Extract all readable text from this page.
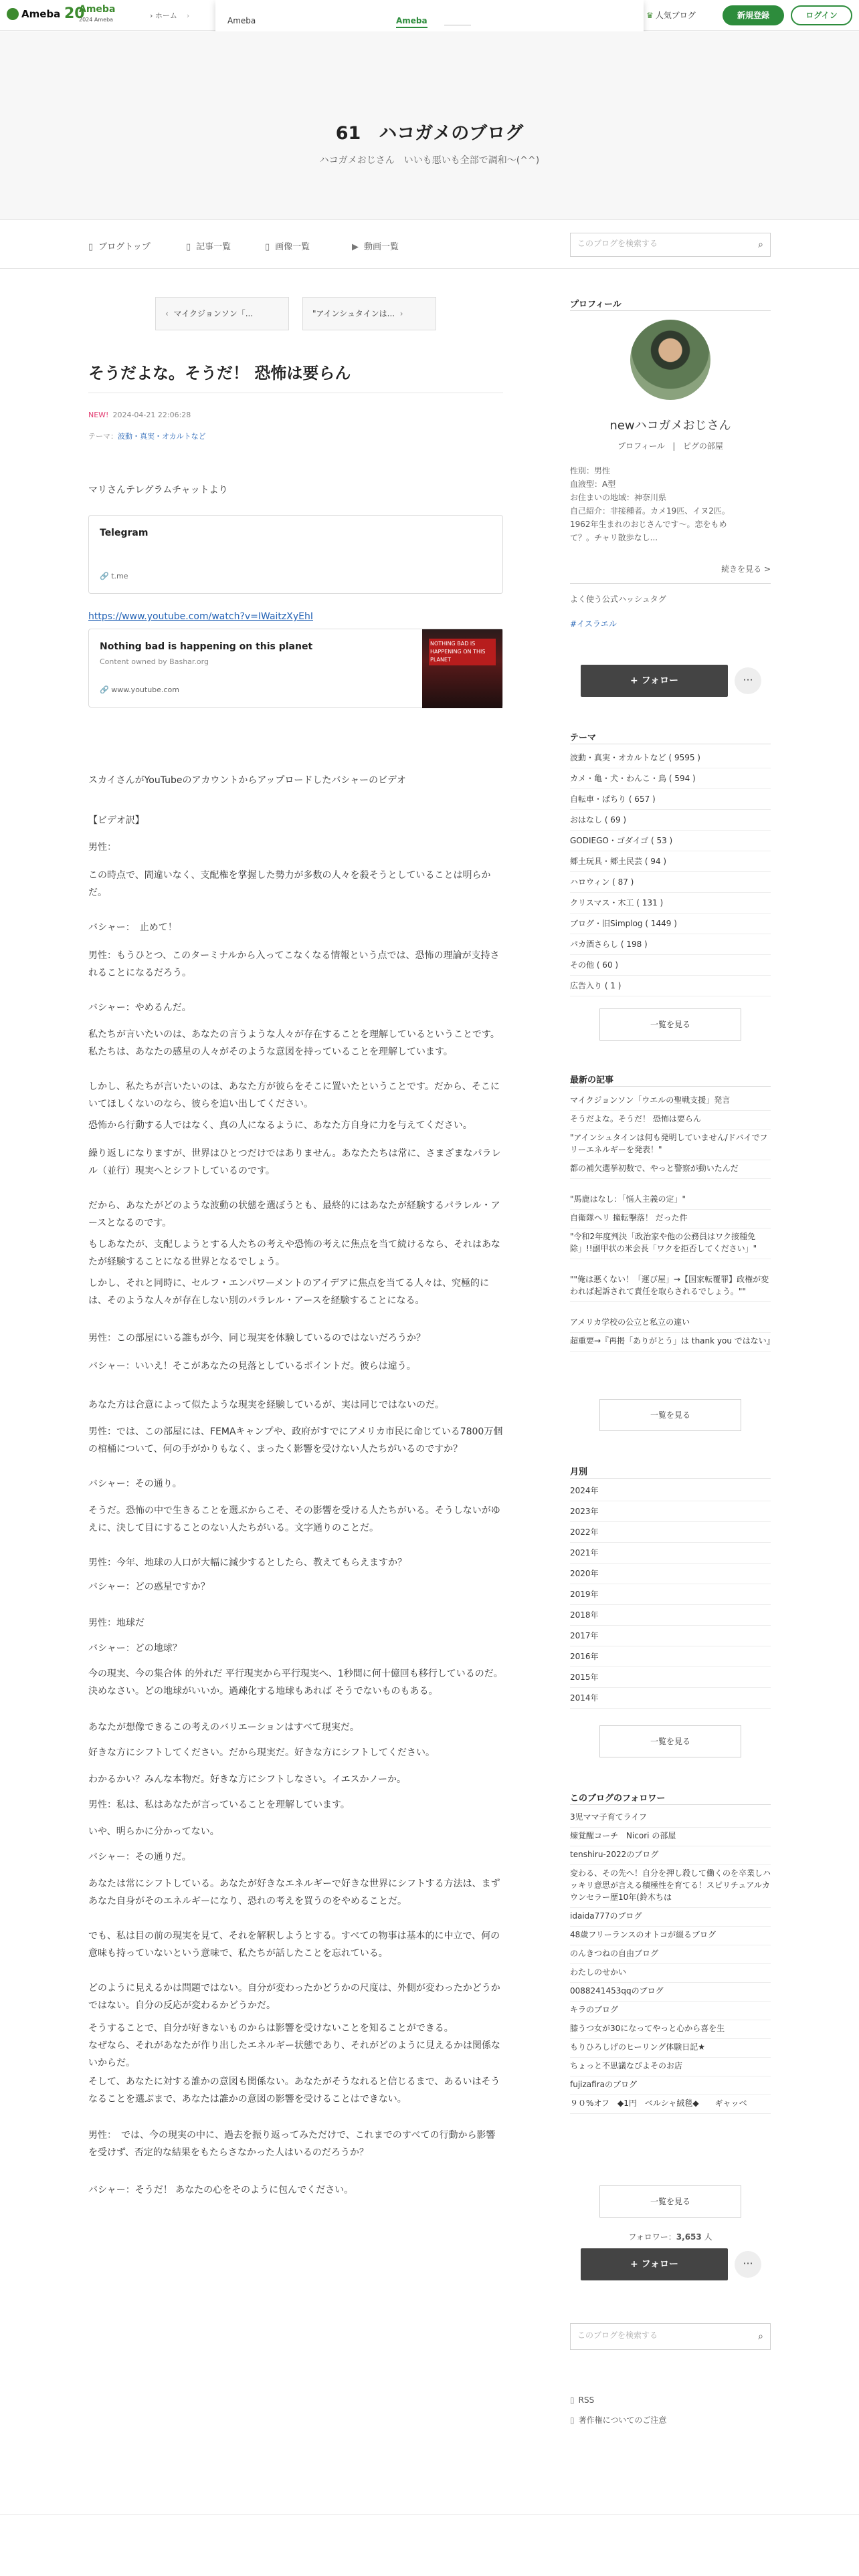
Ameba 20
Ameba
2024 Ameba	› ホーム ›	♛ 人気ブログ	新規登録	ログイン
Ameba	Ameba
61　ハコガメのブログ

ハコガメおじさん　いいも悪いも全部で調和〜(^^)

▯ ブログトップ	▯ 記事一覧	▯ 画像一覧	▶ 動画一覧
このブログを検索する	⌕
‹  マイクジョンソン「...	"アインシュタインは...  ›
そうだよな。そうだ！ 恐怖は要らん
NEW! 2024-04-21 22:06:28
テーマ：波動・真実・オカルトなど

マリさんテレグラムチャットより

Telegram
🔗 t.me
https://www.youtube.com/watch?v=IWaitzXyEhI
Nothing bad is happening on this planet
Content owned by Bashar.org
🔗 www.youtube.com
NOTHING BAD IS HAPPENING ON THIS PLANET

スカイさんがYouTubeのアカウントからアップロードしたバシャーのビデオ

【ビデオ訳】

男性：

この時点で、間違いなく、支配権を掌握した勢力が多数の人々を殺そうとしていることは明らかだ。

バシャー：　止めて！

男性：もうひとつ、このターミナルから入ってこなくなる情報という点では、恐怖の理論が支持されることになるだろう。

バシャー：やめるんだ。

私たちが言いたいのは、あなたの言うような人々が存在することを理解しているということです。私たちは、あなたの感星の人々がそのような意図を持っていることを理解しています。

しかし、私たちが言いたいのは、あなた方が彼らをそこに置いたということです。だから、そこにいてほしくないのなら、彼らを追い出してください。

恐怖から行動する人ではなく、真の人になるように、あなた方自身に力を与えてください。

繰り返しになりますが、世界はひとつだけではありません。あなたたちは常に、さまざまなパラレル（並行）現実へとシフトしているのです。

だから、あなたがどのような波動の状態を選ぼうとも、最終的にはあなたが経験するパラレル・アースとなるのです。

もしあなたが、支配しようとする人たちの考えや恐怖の考えに焦点を当て続けるなら、それはあなたが経験することになる世界となるでしょう。

しかし、それと同時に、セルフ・エンパワーメントのアイデアに焦点を当てる人々は、究極的には、そのような人々が存在しない別のパラレル・アースを経験することになる。

男性：この部屋にいる誰もが今、同じ現実を体験しているのではないだろうか？

バシャー：いいえ！そこがあなたの見落としているポイントだ。彼らは違う。

あなた方は合意によって似たような現実を経験しているが、実は同じではないのだ。

男性：では、この部屋には、FEMAキャンプや、政府がすでにアメリカ市民に命じている7800万個の棺桶について、何の手がかりもなく、まったく影響を受けない人たちがいるのですか？

バシャー：その通り。

そうだ。恐怖の中で生きることを選ぶからこそ、その影響を受ける人たちがいる。そうしないがゆえに、決して目にすることのない人たちがいる。文字通りのことだ。

男性：今年、地球の人口が大幅に減少するとしたら、教えてもらえますか？

バシャー：どの惑星ですか？

男性：地球だ

バシャー：どの地球？

今の現実、今の集合体 的外れだ 平行現実から平行現実へ、1秒間に何十億回も移行しているのだ。決めなさい。どの地球がいいか。過疎化する地球もあれば そうでないものもある。

あなたが想像できるこの考えのバリエーションはすべて現実だ。

好きな方にシフトしてください。だから現実だ。好きな方にシフトしてください。

わかるかい？みんな本物だ。好きな方にシフトしなさい。イエスかノーか。

男性：私は、私はあなたが言っていることを理解しています。

いや、明らかに分かってない。

バシャー：その通りだ。

あなたは常にシフトしている。あなたが好きなエネルギーで好きな世界にシフトする方法は、まずあなた自身がそのエネルギーになり、恐れの考えを買うのをやめることだ。

でも、私は目の前の現実を見て、それを解釈しようとする。すべての物事は基本的に中立で、何の意味も持っていないという意味で、私たちが話したことを忘れている。

どのように見えるかは問題ではない。自分が変わったかどうかの尺度は、外側が変わったかどうかではない。自分の反応が変わるかどうかだ。

そうすることで、自分が好きないものからは影響を受けないことを知ることができる。
なぜなら、それがあなたが作り出したエネルギー状態であり、それがどのように見えるかは関係ないからだ。

そして、あなたに対する誰かの意図も関係ない。あなたがそうなれると信じるまで、あるいはそうなることを選ぶまで、あなたは誰かの意図の影響を受けることはできない。

男性：　では、今の現実の中に、過去を振り返ってみただけで、これまでのすべての行動から影響を受けず、否定的な結果をもたらさなかった人はいるのだろうか？

バシャー：そうだ！ あなたの心をそのように包んでください。

プロフィール
newハコガメおじさん
プロフィール   |   ピグの部屋
性別：男性
血液型：A型
お住まいの地域：神奈川県
自己紹介：非接種者。カメ19匹、イヌ2匹。
1962年生まれのおじさんです～。恋をもめて？。チャリ散歩なし...
続きを見る >
よく使う公式ハッシュタグ
#イスラエル
+ フォロー	···
テーマ
波動・真実・オカルトなど ( 9595 )
カメ・亀・犬・わんこ・鳥 ( 594 )
自転車・ぱちり ( 657 )
おはなし ( 69 )
GODIEGO・ゴダイゴ ( 53 )
郷土玩具・郷土民芸 ( 94 )
ハロウィン ( 87 )
クリスマス・木工 ( 131 )
ブログ・旧Simplog ( 1449 )
パカ酒さらし ( 198 )
その他 ( 60 )
広告入り ( 1 )
一覧を見る
最新の記事
マイクジョンソン「ウエルの聖戦支援」発言
そうだよな。そうだ！ 恐怖は要らん
"アインシュタインは何も発明していません/ドバイでフリーエネルギーを発表！"
都の補欠選挙初数で、やっと警察が動いたんだ
"馬鹿はなし：「悩人主義の定」"
自衛隊ヘリ 撞転撃落！ だった件
"令和2年度判決「政治家や他の公務員はワク接種免除」!!副甲状の米会長「ワクを拒否してください」"
""俺は悪くない！「運び屋」→【国家転覆罪】政権が変われば起訴されて責任を取らされるでしょう。""
アメリカ学校の公立と私立の違い
超重要→『再掲「ありがとう」は thank you ではない』
一覧を見る
月別
2024年
2023年
2022年
2021年
2020年
2019年
2018年
2017年
2016年
2015年
2014年
一覧を見る
このブログのフォロワー
3児ママ子育てライフ
煉覚醒コーチ　Nicori の部屋
tenshiru-2022のブログ
変わる、その先へ！自分を押し殺して働くのを卒業しハッキリ意思が言える積極性を育てる！スピリチュアルカウンセラー歴10年(鈴木ちは
idaida777のブログ
48歳フリーランスのオトコが綴るブログ
のんきつねの自由ブログ
わたしのせかい
0088241453qqのブログ
キラのブログ
膝うつ女が30になってやっと心から喜を生
もりひろしげのヒーリング体験日記★
ちょっと不思議なびよそのお店
fujizafiraのブログ
９０%オフ　◆1円　ベルシャ絨毯◆　　ギャッベ
一覧を見る
フォロワー：3,653 人
+ フォロー	···
このブログを検索する
⌕
▯ RSS
▯ 著作権についてのご注意
